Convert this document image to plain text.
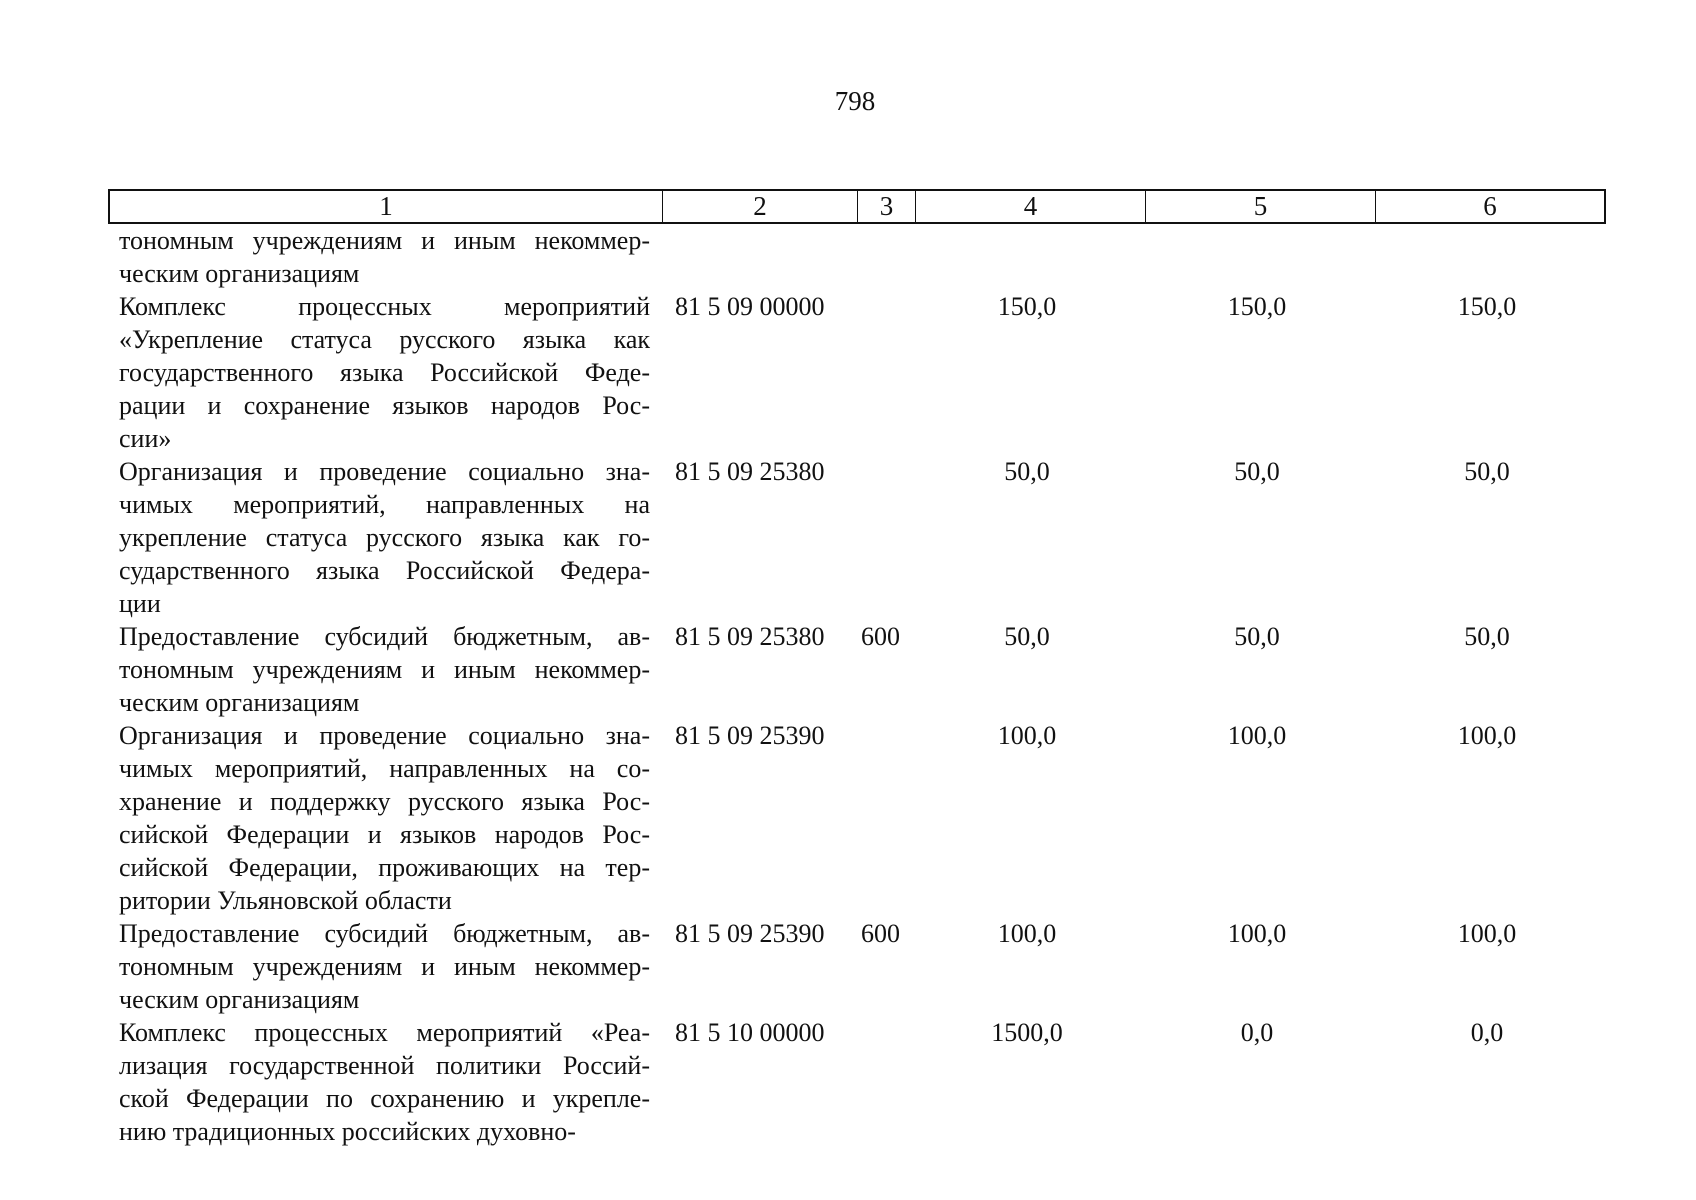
798
1	2	3	4	5	6
тономным учреждениям и иным некоммер-
ческим организациям
Комплекс процессных мероприятий
«Укрепление статуса русского языка как
государственного языка Российской Феде-
рации и сохранение языков народов Рос-
сии»
81 5 09 00000	150,0	150,0	150,0
Организация и проведение социально зна-
чимых мероприятий, направленных на
укрепление статуса русского языка как го-
сударственного языка Российской Федера-
ции
81 5 09 25380	50,0	50,0	50,0
Предоставление субсидий бюджетным, ав-
тономным учреждениям и иным некоммер-
ческим организациям
81 5 09 25380 600	50,0	50,0	50,0
Организация и проведение социально зна-
чимых мероприятий, направленных на со-
хранение и поддержку русского языка Рос-
сийской Федерации и языков народов Рос-
сийской Федерации, проживающих на тер-
ритории Ульяновской области
81 5 09 25390	100,0	100,0	100,0
Предоставление субсидий бюджетным, ав-
тономным учреждениям и иным некоммер-
ческим организациям
81 5 09 25390 600	100,0	100,0	100,0
Комплекс процессных мероприятий «Реа-
лизация государственной политики Россий-
ской Федерации по сохранению и укрепле-
нию традиционных российских духовно-
81 5 10 00000	1500,0	0,0	0,0
